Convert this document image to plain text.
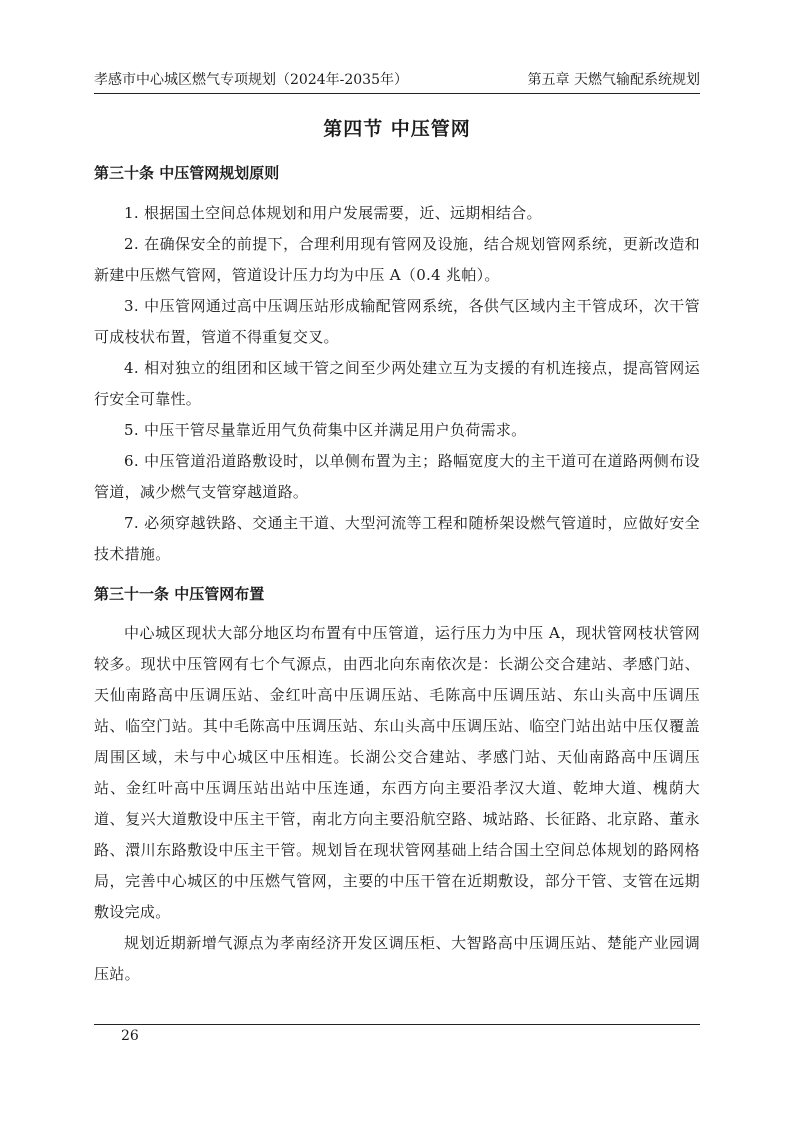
孝感市中心城区燃气专项规划（2024年-2035年）	第五章 天燃气输配系统规划
第四节 中压管网
第三十条 中压管网规划原则

1. 根据国土空间总体规划和用户发展需要，近、远期相结合。

2. 在确保安全的前提下，合理利用现有管网及设施，结合规划管网系统，更新改造和新建中压燃气管网，管道设计压力均为中压 A（0.4 兆帕）。

3. 中压管网通过高中压调压站形成输配管网系统，各供气区域内主干管成环，次干管可成枝状布置，管道不得重复交叉。

4. 相对独立的组团和区域干管之间至少两处建立互为支援的有机连接点，提高管网运行安全可靠性。

5. 中压干管尽量靠近用气负荷集中区并满足用户负荷需求。

6. 中压管道沿道路敷设时，以单侧布置为主；路幅宽度大的主干道可在道路两侧布设管道，减少燃气支管穿越道路。

7. 必须穿越铁路、交通主干道、大型河流等工程和随桥架设燃气管道时，应做好安全技术措施。

第三十一条 中压管网布置

中心城区现状大部分地区均布置有中压管道，运行压力为中压 A，现状管网枝状管网较多。现状中压管网有七个气源点，由西北向东南依次是：长湖公交合建站、孝感门站、天仙南路高中压调压站、金红叶高中压调压站、毛陈高中压调压站、东山头高中压调压站、临空门站。其中毛陈高中压调压站、东山头高中压调压站、临空门站出站中压仅覆盖周围区域，未与中心城区中压相连。长湖公交合建站、孝感门站、天仙南路高中压调压站、金红叶高中压调压站出站中压连通，东西方向主要沿孝汉大道、乾坤大道、槐荫大道、复兴大道敷设中压主干管，南北方向主要沿航空路、城站路、长征路、北京路、董永路、澴川东路敷设中压主干管。规划旨在现状管网基础上结合国土空间总体规划的路网格局，完善中心城区的中压燃气管网，主要的中压干管在近期敷设，部分干管、支管在远期敷设完成。

规划近期新增气源点为孝南经济开发区调压柜、大智路高中压调压站、楚能产业园调压站。

26
